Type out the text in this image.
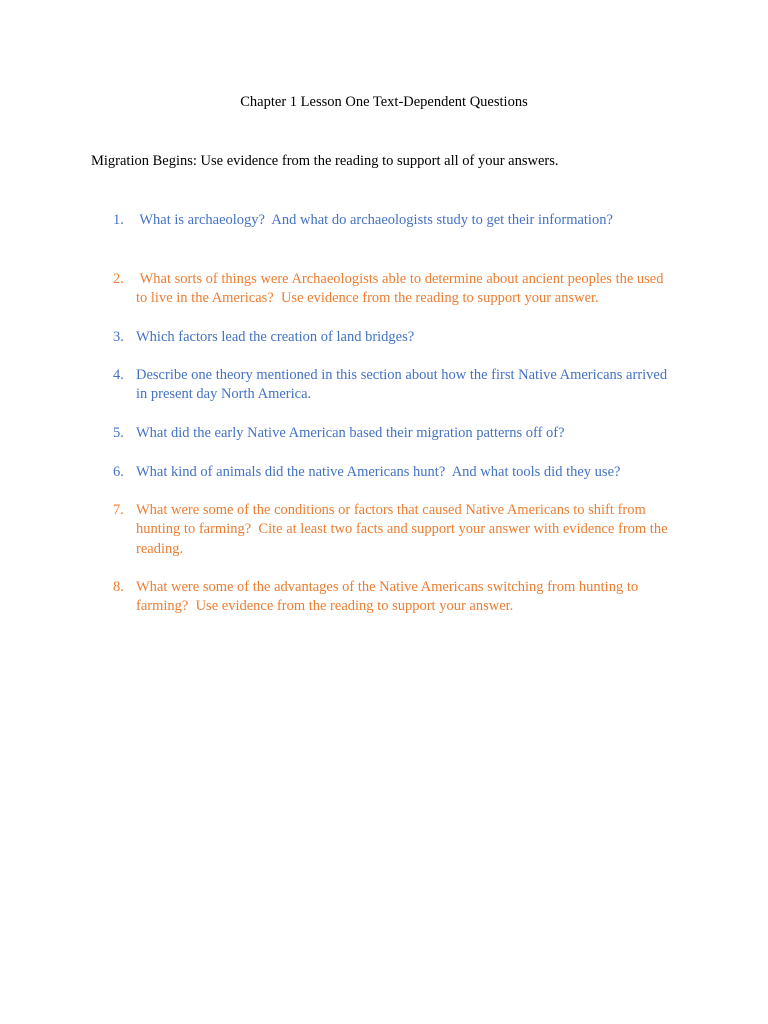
Chapter 1 Lesson One Text-Dependent Questions

Migration Begins: Use evidence from the reading to support all of your answers.

1. What is archaeology?  And what do archaeologists study to get their information?
2. What sorts of things were Archaeologists able to determine about ancient peoples the used to live in the Americas?  Use evidence from the reading to support your answer.
3. Which factors lead the creation of land bridges?
4. Describe one theory mentioned in this section about how the first Native Americans arrived in present day North America.
5. What did the early Native American based their migration patterns off of?
6. What kind of animals did the native Americans hunt?  And what tools did they use?
7. What were some of the conditions or factors that caused Native Americans to shift from hunting to farming?  Cite at least two facts and support your answer with evidence from the reading.
8. What were some of the advantages of the Native Americans switching from hunting to farming?  Use evidence from the reading to support your answer.
